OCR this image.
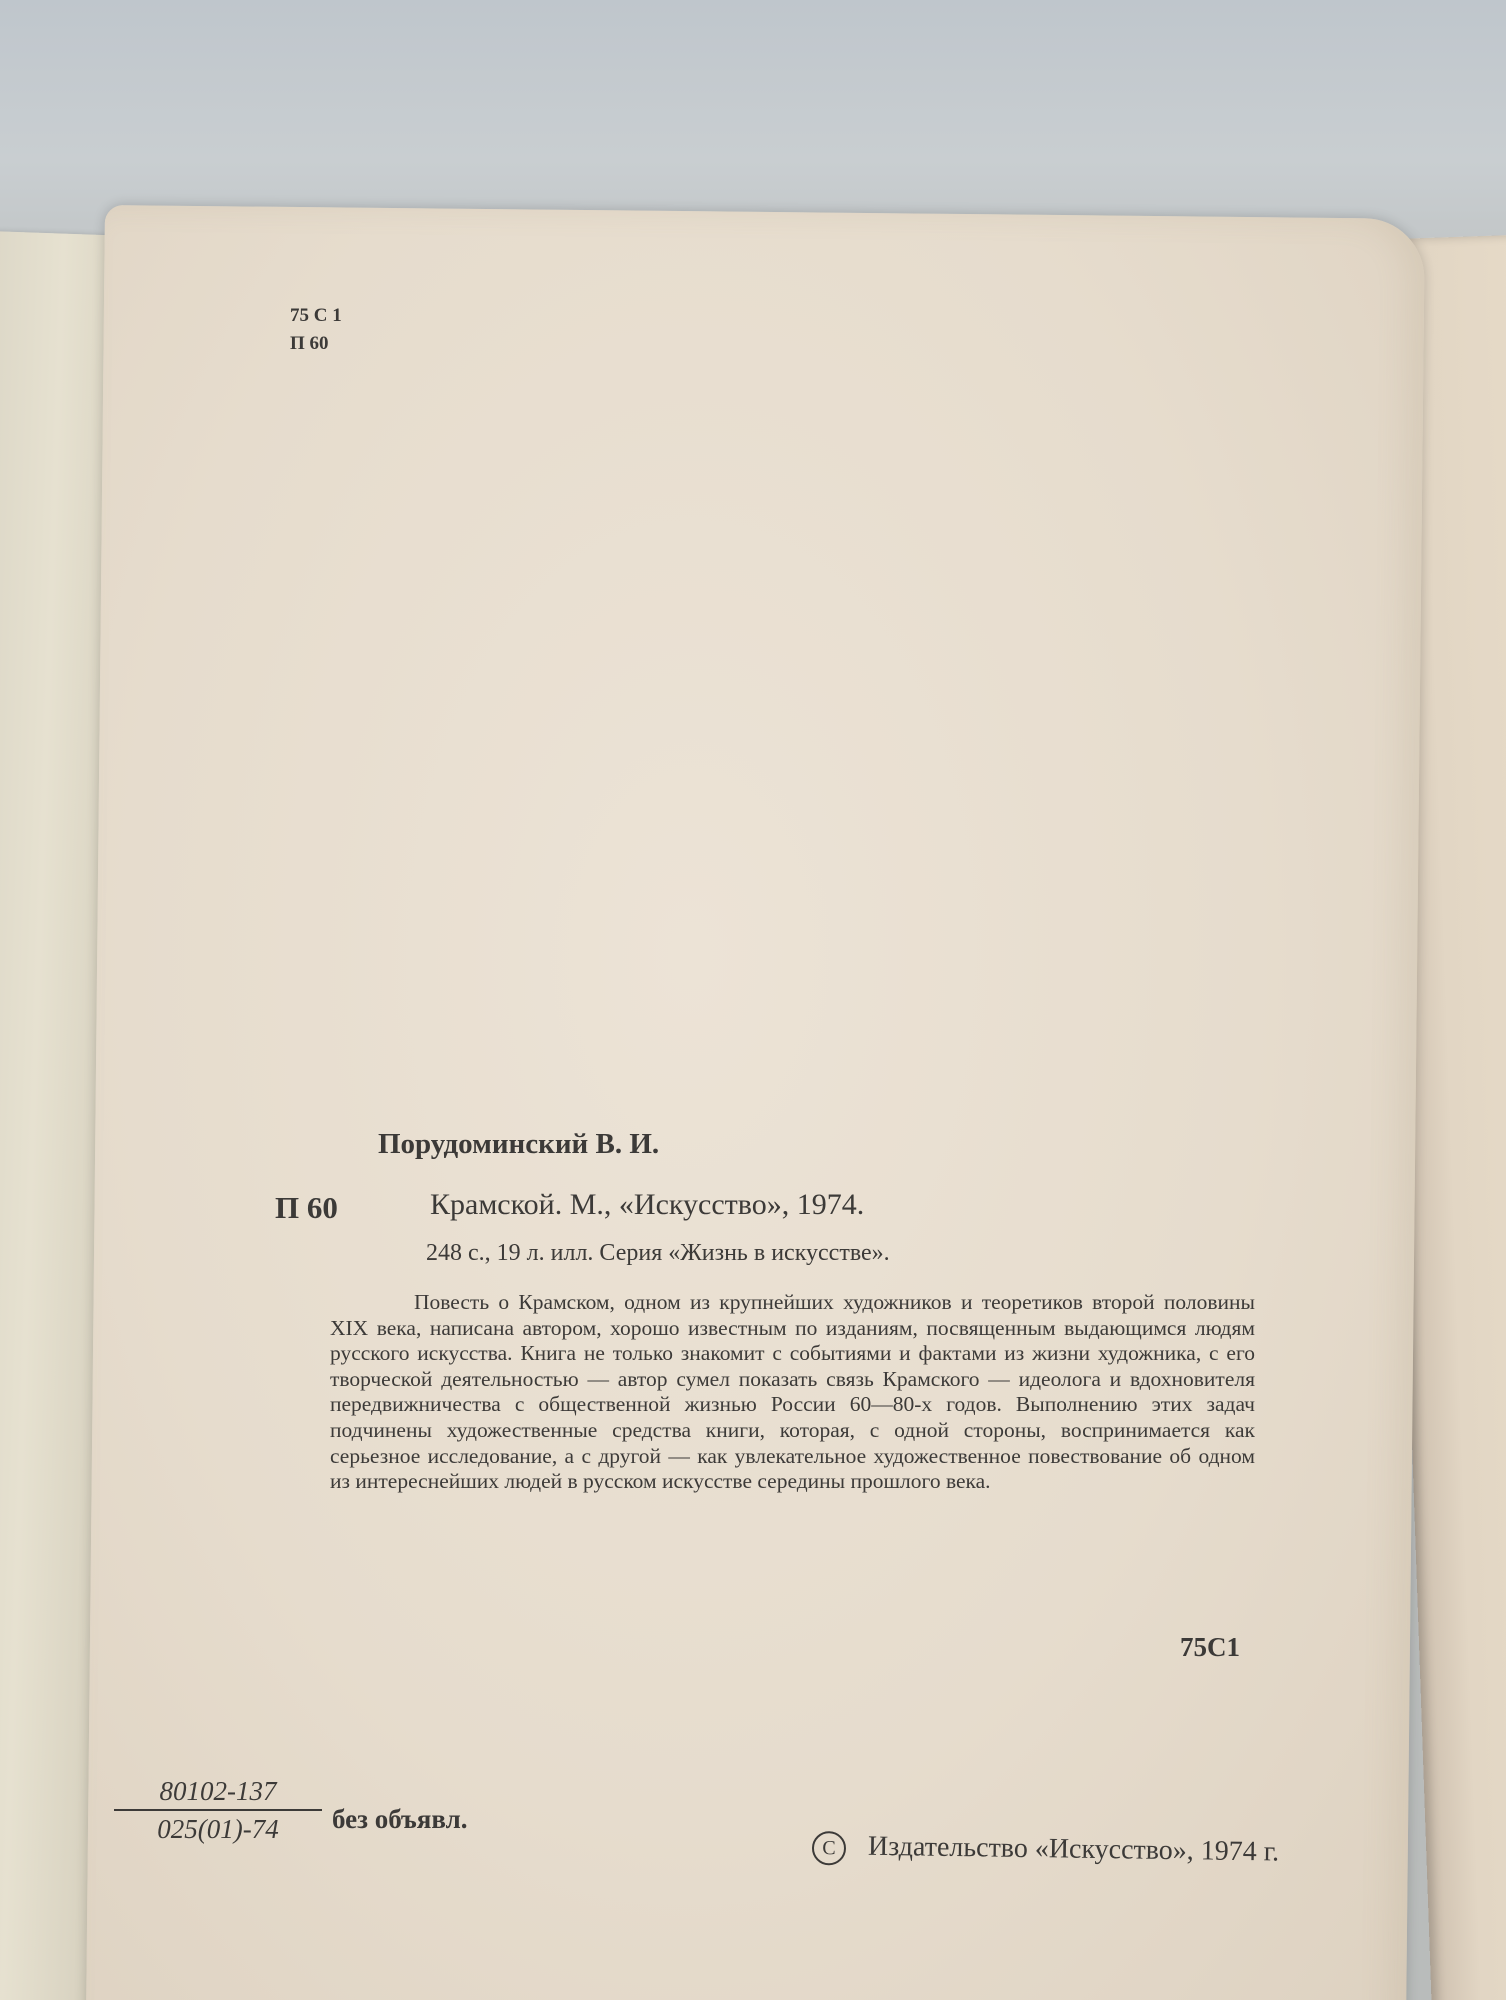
75 С 1
П 60
Порудоминский В. И.
П 60	Крамской. М., «Искусство», 1974.
248 с., 19 л. илл. Серия «Жизнь в искусстве».
Повесть о Крамском, одном из крупнейших художников и теоретиков второй половины XIX века, написана автором, хорошо известным по изданиям, посвященным выдающимся людям русского искусства. Книга не только знакомит с событиями и фактами из жизни художника, с его творческой деятельностью — автор сумел показать связь Крамского — идеолога и вдохновителя передвижничества с общественной жизнью России 60—80-х годов. Выполнению этих задач подчинены художественные средства книги, которая, с одной стороны, воспринимается как серьезное исследование, а с другой — как увлекательное художественное повествование об одном из интереснейших людей в русском искусстве середины прошлого века.
75С1
80102-137
025(01)-74	без объявл.
C Издательство «Искусство», 1974 г.
